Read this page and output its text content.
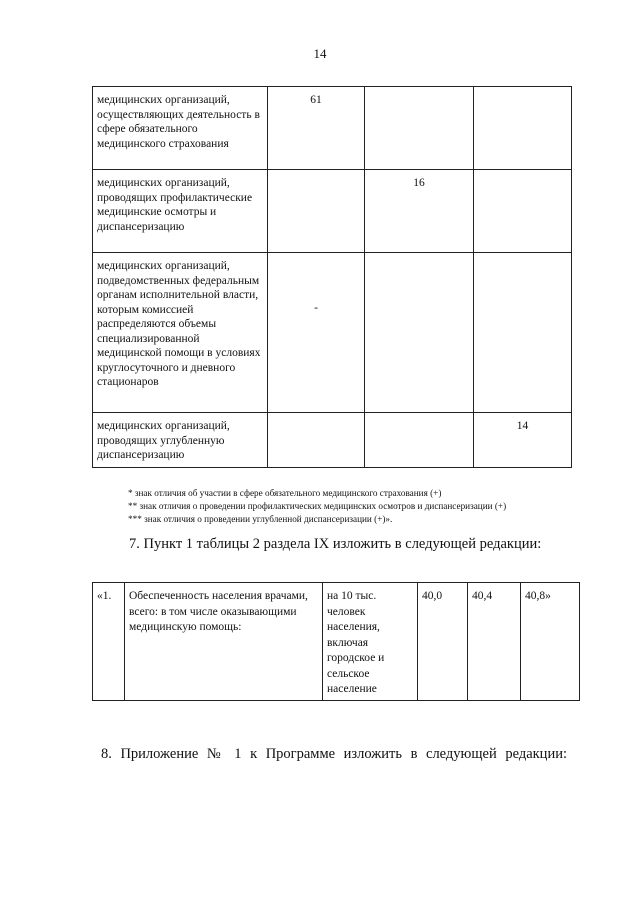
14
медицинских организаций, осуществляющих деятельность в сфере обязательного медицинского страхования	61		
медицинских организаций, проводящих профилактические медицинские осмотры и диспансеризацию		16	
медицинских организаций, подведомственных федеральным органам исполнительной власти, которым комиссией распределяются объемы специализированной медицинской помощи в условиях круглосуточного и дневного стационаров	-		
медицинских организаций, проводящих углубленную диспансеризацию			14
* знак отличия об участии в сфере обязательного медицинского страхования (+)
** знак отличия о проведении профилактических медицинских осмотров и диспансеризации (+)
*** знак отличия о проведении углубленной диспансеризации (+)».
7. Пункт 1 таблицы 2 раздела IX изложить в следующей редакции:
«1.	Обеспеченность населения врачами, всего: в том числе оказывающими медицинскую помощь:	на 10 тыс. человек населения, включая городское и сельское население	40,0	40,4	40,8»
8. Приложение № 1 к Программе изложить в следующей редакции:
